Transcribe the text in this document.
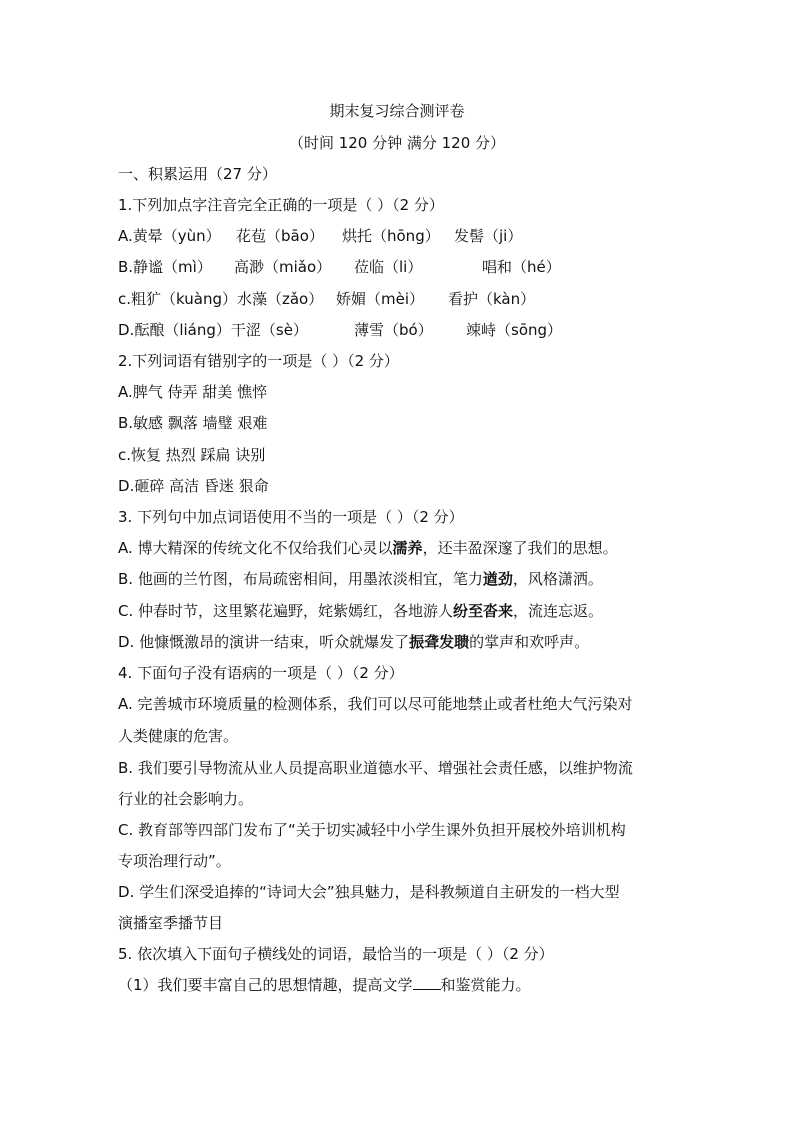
期末复习综合测评卷
（时间 120 分钟 满分 120 分）
一、积累运用（27 分）
1.下列加点字注音完全正确的一项是（ ）（2 分）
A.黄晕（yùn） 花苞（bāo） 烘托（hōng） 发髻（ji）
B.静谧（mì） 高渺（miǎo） 莅临（li）	唱和（hé）
c.粗犷（kuàng）水藻（zǎo） 娇媚（mèi） 看护（kàn）
D.酝酿（liáng）干涩（sè）	薄雪（bó） 竦峙（sōng）
2.下列词语有错别字的一项是（ ）（2 分）
A.脾气 侍弄 甜美 憔悴
B.敏感 飘落 墙璧 艰难
c.恢复 热烈 踩扁 诀别
D.砸碎 高洁 昏迷 狠命
3. 下列句中加点词语使用不当的一项是（ ）（2 分）
A. 博大精深的传统文化不仅给我们心灵以濡养，还丰盈深邃了我们的思想。
B. 他画的兰竹图，布局疏密相间，用墨浓淡相宜，笔力遒劲，风格潇洒。
C. 仲春时节，这里繁花遍野，姹紫嫣红，各地游人纷至沓来，流连忘返。
D. 他慷慨激昂的演讲一结束，听众就爆发了振聋发聩的掌声和欢呼声。
4. 下面句子没有语病的一项是（ ）（2 分）
A. 完善城市环境质量的检测体系，我们可以尽可能地禁止或者杜绝大气污染对
人类健康的危害。
B. 我们要引导物流从业人员提高职业道德水平、增强社会责任感，以维护物流
行业的社会影响力。
C. 教育部等四部门发布了“关于切实减轻中小学生课外负担开展校外培训机构
专项治理行动”。
D. 学生们深受追捧的“诗词大会”独具魅力，是科教频道自主研发的一档大型
演播室季播节目
5. 依次填入下面句子横线处的词语，最恰当的一项是（ ）（2 分）
（1）我们要丰富自己的思想情趣，提高文学 和鉴赏能力。
